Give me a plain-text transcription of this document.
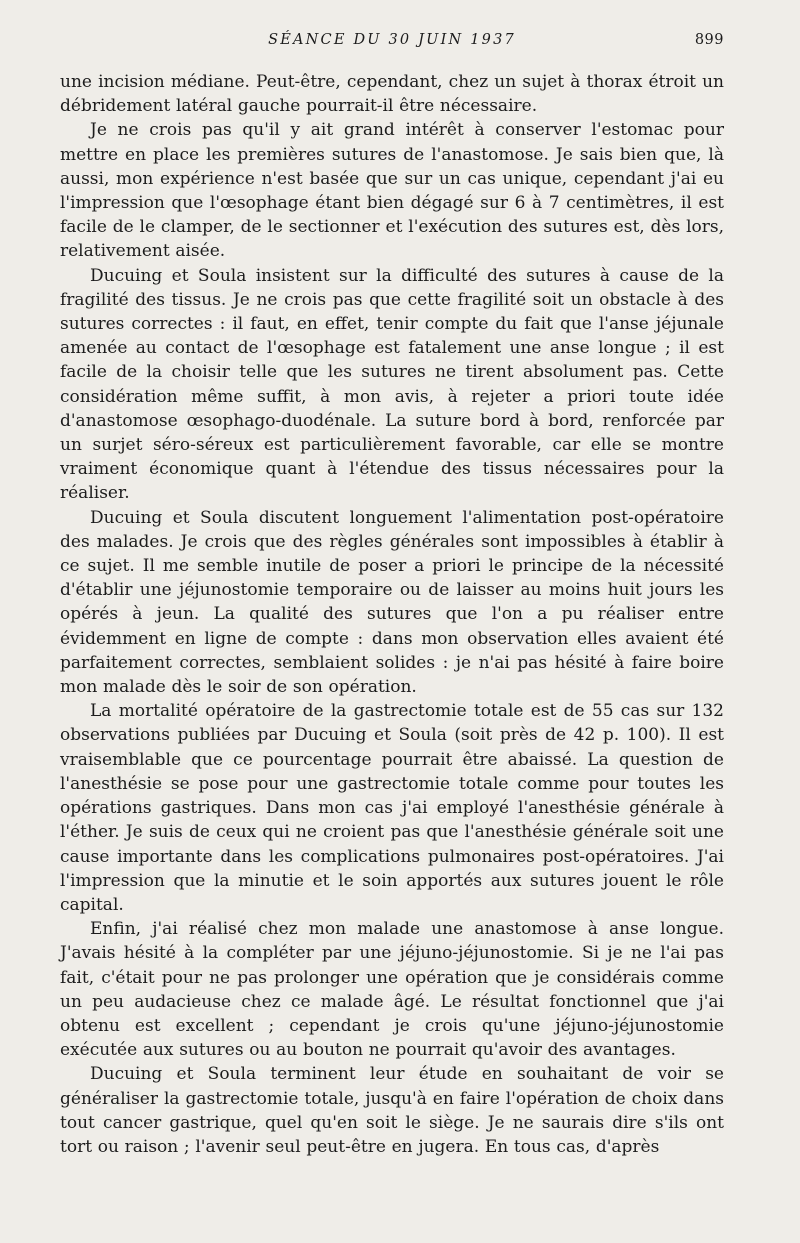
SÉANCE DU 30 JUIN 1937	899

une incision médiane. Peut-être, cependant, chez un sujet à thorax étroit un débridement latéral gauche pourrait-il être nécessaire.

Je ne crois pas qu'il y ait grand intérêt à conserver l'estomac pour mettre en place les premières sutures de l'anastomose. Je sais bien que, là aussi, mon expérience n'est basée que sur un cas unique, cependant j'ai eu l'impression que l'œsophage étant bien dégagé sur 6 à 7 centimètres, il est facile de le clamper, de le sectionner et l'exécution des sutures est, dès lors, relativement aisée.

Ducuing et Soula insistent sur la difficulté des sutures à cause de la fragilité des tissus. Je ne crois pas que cette fragilité soit un obstacle à des sutures correctes : il faut, en effet, tenir compte du fait que l'anse jéjunale amenée au contact de l'œsophage est fatalement une anse longue ; il est facile de la choisir telle que les sutures ne tirent absolument pas. Cette considération même suffit, à mon avis, à rejeter a priori toute idée d'anastomose œsophago-duodénale. La suture bord à bord, renforcée par un surjet séro-séreux est particulièrement favorable, car elle se montre vraiment économique quant à l'étendue des tissus nécessaires pour la réaliser.

Ducuing et Soula discutent longuement l'alimentation post-opératoire des malades. Je crois que des règles générales sont impossibles à établir à ce sujet. Il me semble inutile de poser a priori le principe de la nécessité d'établir une jéjunostomie temporaire ou de laisser au moins huit jours les opérés à jeun. La qualité des sutures que l'on a pu réaliser entre évidemment en ligne de compte : dans mon observation elles avaient été parfaitement correctes, semblaient solides : je n'ai pas hésité à faire boire mon malade dès le soir de son opération.

La mortalité opératoire de la gastrectomie totale est de 55 cas sur 132 observations publiées par Ducuing et Soula (soit près de 42 p. 100). Il est vraisemblable que ce pourcentage pourrait être abaissé. La question de l'anesthésie se pose pour une gastrectomie totale comme pour toutes les opérations gastriques. Dans mon cas j'ai employé l'anesthésie générale à l'éther. Je suis de ceux qui ne croient pas que l'anesthésie générale soit une cause importante dans les complications pulmonaires post-opératoires. J'ai l'impression que la minutie et le soin apportés aux sutures jouent le rôle capital.

Enfin, j'ai réalisé chez mon malade une anastomose à anse longue. J'avais hésité à la compléter par une jéjuno-jéjunostomie. Si je ne l'ai pas fait, c'était pour ne pas prolonger une opération que je considérais comme un peu audacieuse chez ce malade âgé. Le résultat fonctionnel que j'ai obtenu est excellent ; cependant je crois qu'une jéjuno-jéjunostomie exécutée aux sutures ou au bouton ne pourrait qu'avoir des avantages.

Ducuing et Soula terminent leur étude en souhaitant de voir se généraliser la gastrectomie totale, jusqu'à en faire l'opération de choix dans tout cancer gastrique, quel qu'en soit le siège. Je ne saurais dire s'ils ont tort ou raison ; l'avenir seul peut-être en jugera. En tous cas, d'après
